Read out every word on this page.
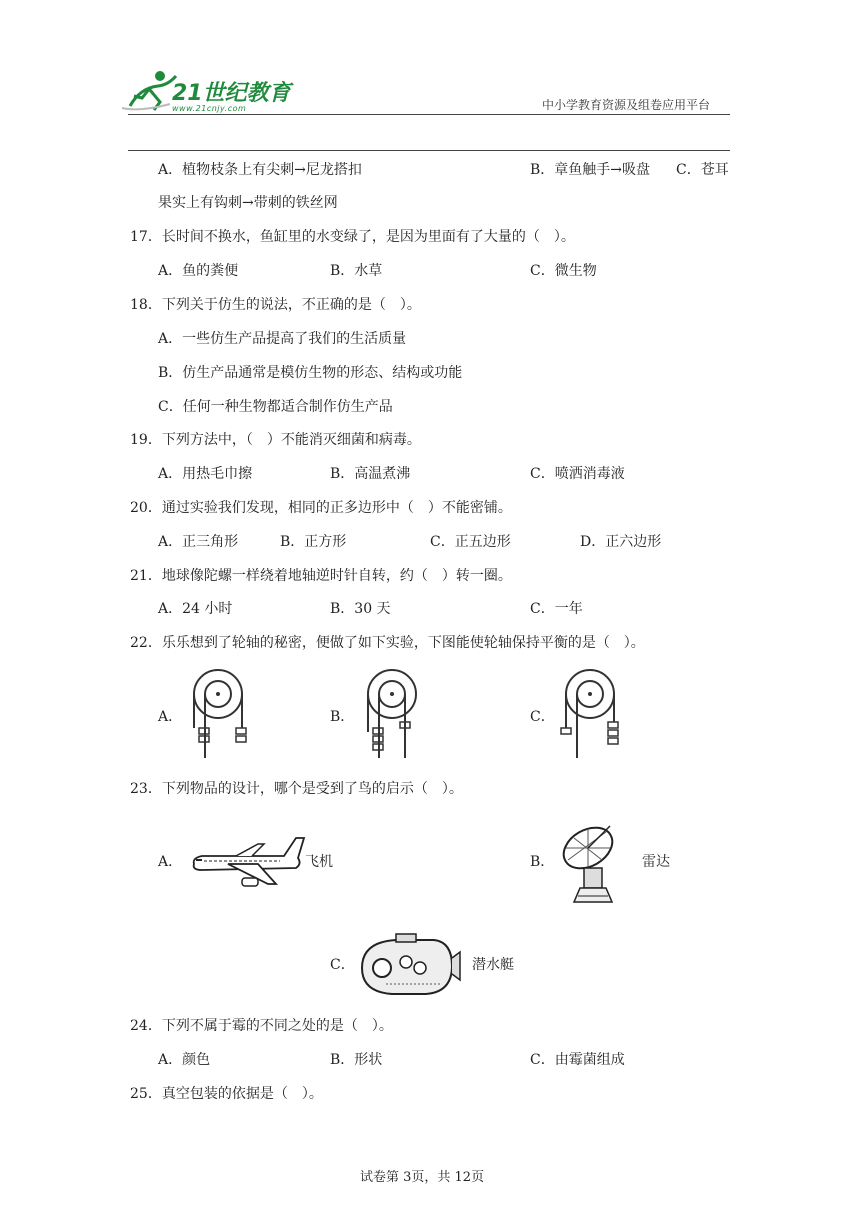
21世纪教育
www.21cnjy.com	中小学教育资源及组卷应用平台
A．植物枝条上有尖刺→尼龙搭扣	B．章鱼触手→吸盘 C．苍耳
果实上有钩刺→带刺的铁丝网
17．长时间不换水，鱼缸里的水变绿了，是因为里面有了大量的（　）。
A．鱼的粪便	B．水草	C．微生物
18．下列关于仿生的说法，不正确的是（　）。
A．一些仿生产品提高了我们的生活质量
B．仿生产品通常是模仿生物的形态、结构或功能
C．任何一种生物都适合制作仿生产品
19．下列方法中，（　）不能消灭细菌和病毒。
A．用热毛巾擦	B．高温煮沸	C．喷洒消毒液
20．通过实验我们发现，相同的正多边形中（　）不能密铺。
A．正三角形	B．正方形	C．正五边形	D．正六边形
21．地球像陀螺一样绕着地轴逆时针自转，约（　）转一圈。
A．24 小时	B．30 天	C．一年
22．乐乐想到了轮轴的秘密，便做了如下实验，下图能使轮轴保持平衡的是（　）。
A．	B．	C．
23．下列物品的设计，哪个是受到了鸟的启示（　）。
A．	飞机	B．	雷达
C．	潜水艇
24．下列不属于霉的不同之处的是（　）。
A．颜色	B．形状	C．由霉菌组成
25．真空包装的依据是（　）。
试卷第 3页，共 12页
